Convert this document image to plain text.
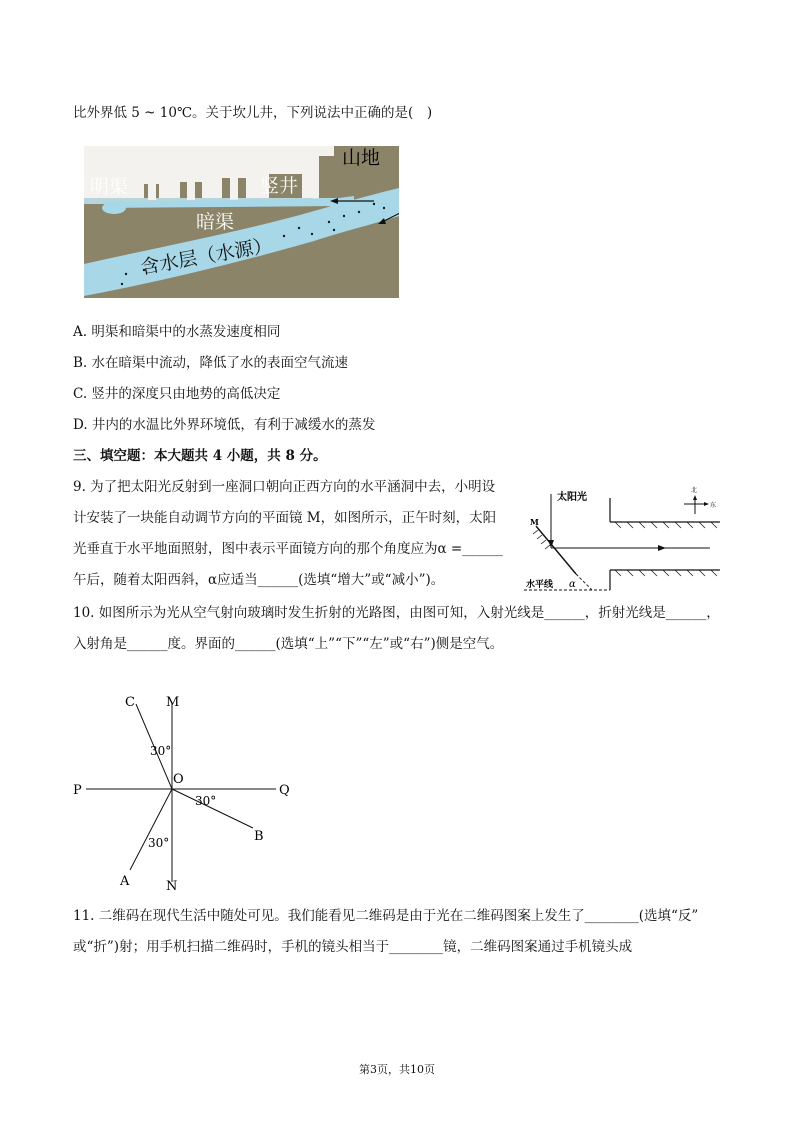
比外界低 5 ~ 10℃。关于坎儿井，下列说法中正确的是(　)
山地
明渠	竖井
暗渠
含水层（水源）
A. 明渠和暗渠中的水蒸发速度相同
B. 水在暗渠中流动，降低了水的表面空气流速
C. 竖井的深度只由地势的高低决定
D. 井内的水温比外界环境低，有利于减缓水的蒸发
三、填空题：本大题共 4 小题，共 8 分。
9. 为了把太阳光反射到一座洞口朝向正西方向的水平涵洞中去，小明设
计安装了一块能自动调节方向的平面镜 M，如图所示，正午时刻，太阳
光垂直于水平地面照射，图中表示平面镜方向的那个角度应为α =______
午后，随着太阳西斜，α应适当______(选填“增大”或“减小”)。
北
东
太阳光
M
水平线 α
10. 如图所示为光从空气射向玻璃时发生折射的光路图，由图可知，入射光线是______，折射光线是______，
入射角是______度。界面的______(选填“上”“下”“左”或“右”)侧是空气。
C M
P
O
Q
B
A	N
30°
30°
30°
11. 二维码在现代生活中随处可见。我们能看见二维码是由于光在二维码图案上发生了________(选填“反”
或“折”)射；用手机扫描二维码时，手机的镜头相当于________镜，二维码图案通过手机镜头成
第3页，共10页
